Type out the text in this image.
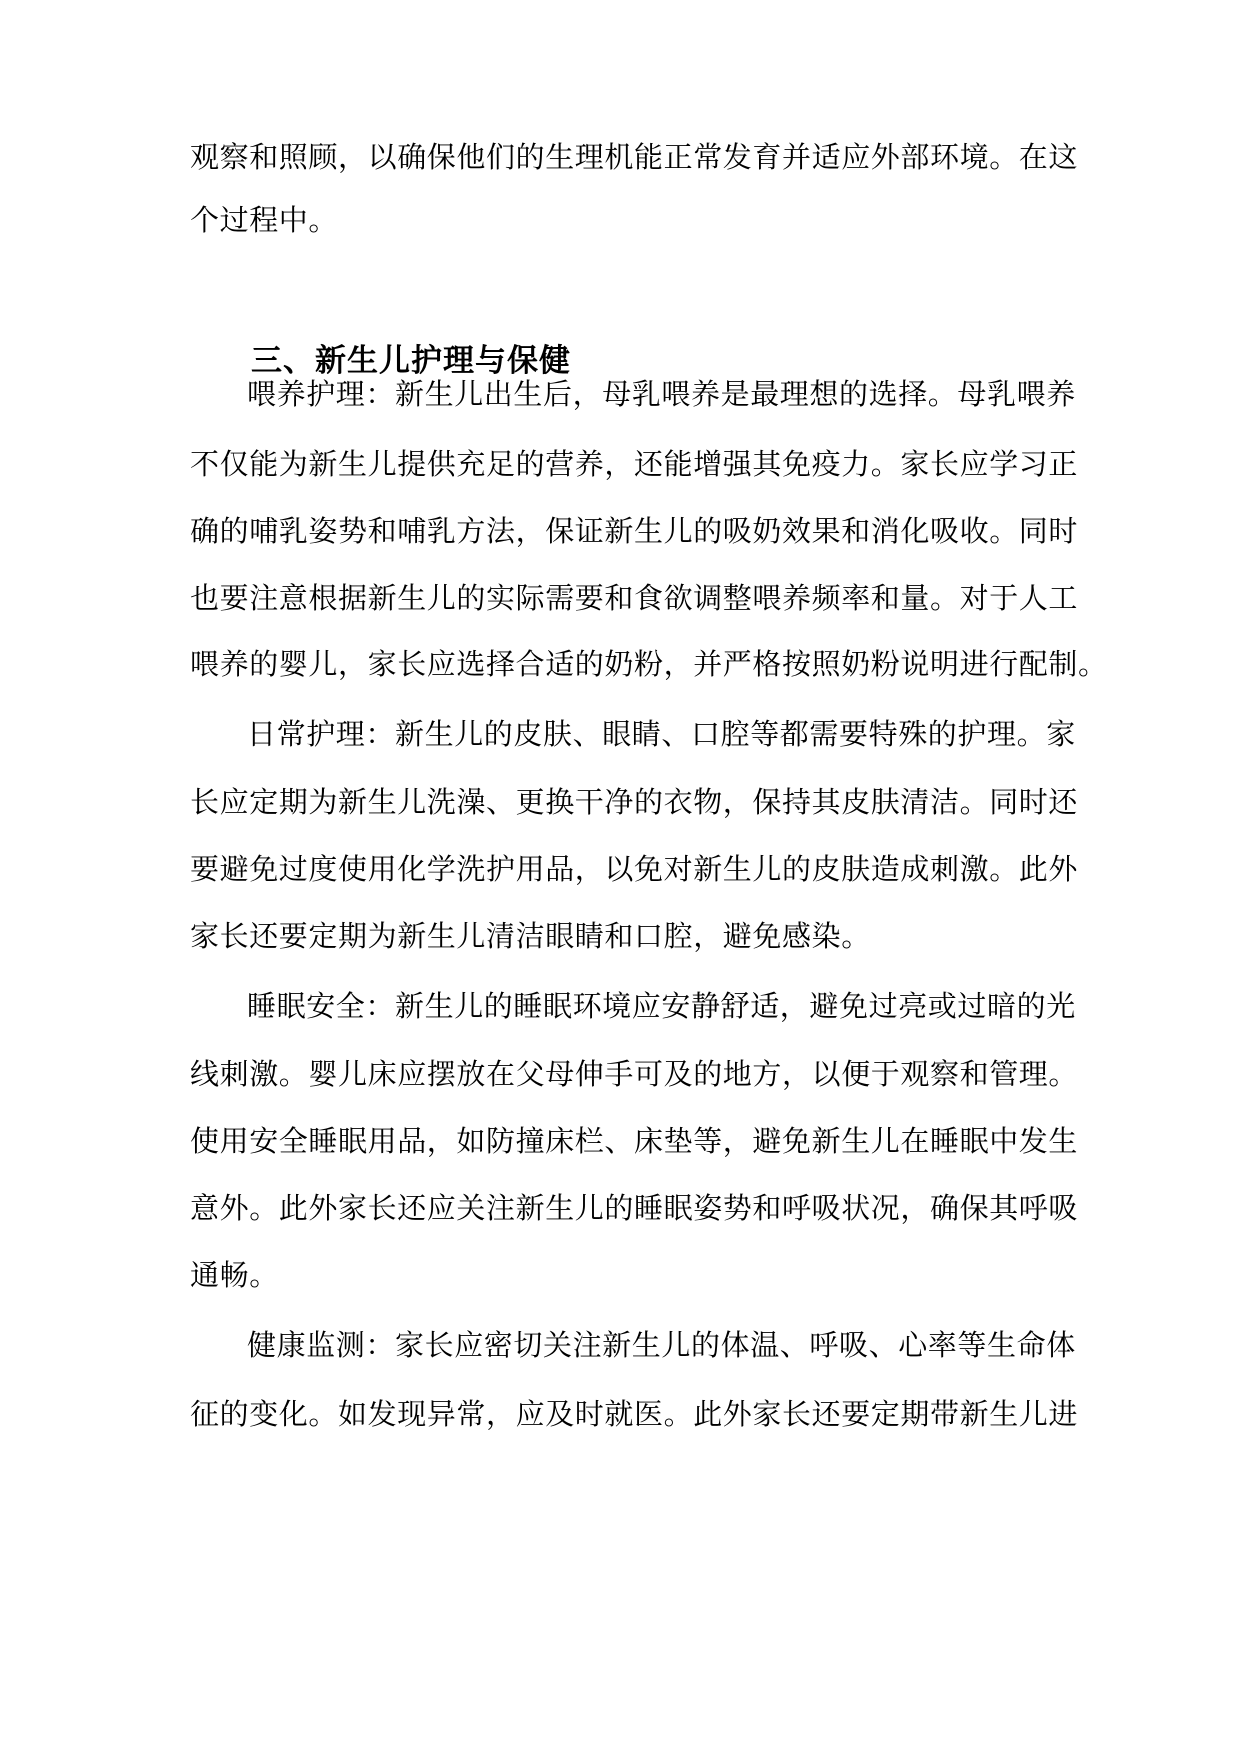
观察和照顾，以确保他们的生理机能正常发育并适应外部环境。在这
个过程中。
三、新生儿护理与保健
喂养护理：新生儿出生后，母乳喂养是最理想的选择。母乳喂养
不仅能为新生儿提供充足的营养，还能增强其免疫力。家长应学习正
确的哺乳姿势和哺乳方法，保证新生儿的吸奶效果和消化吸收。同时
也要注意根据新生儿的实际需要和食欲调整喂养频率和量。对于人工
喂养的婴儿，家长应选择合适的奶粉，并严格按照奶粉说明进行配制。
日常护理：新生儿的皮肤、眼睛、口腔等都需要特殊的护理。家
长应定期为新生儿洗澡、更换干净的衣物，保持其皮肤清洁。同时还
要避免过度使用化学洗护用品，以免对新生儿的皮肤造成刺激。此外
家长还要定期为新生儿清洁眼睛和口腔，避免感染。
睡眠安全：新生儿的睡眠环境应安静舒适，避免过亮或过暗的光
线刺激。婴儿床应摆放在父母伸手可及的地方，以便于观察和管理。
使用安全睡眠用品，如防撞床栏、床垫等，避免新生儿在睡眠中发生
意外。此外家长还应关注新生儿的睡眠姿势和呼吸状况，确保其呼吸
通畅。
健康监测：家长应密切关注新生儿的体温、呼吸、心率等生命体
征的变化。如发现异常，应及时就医。此外家长还要定期带新生儿进
